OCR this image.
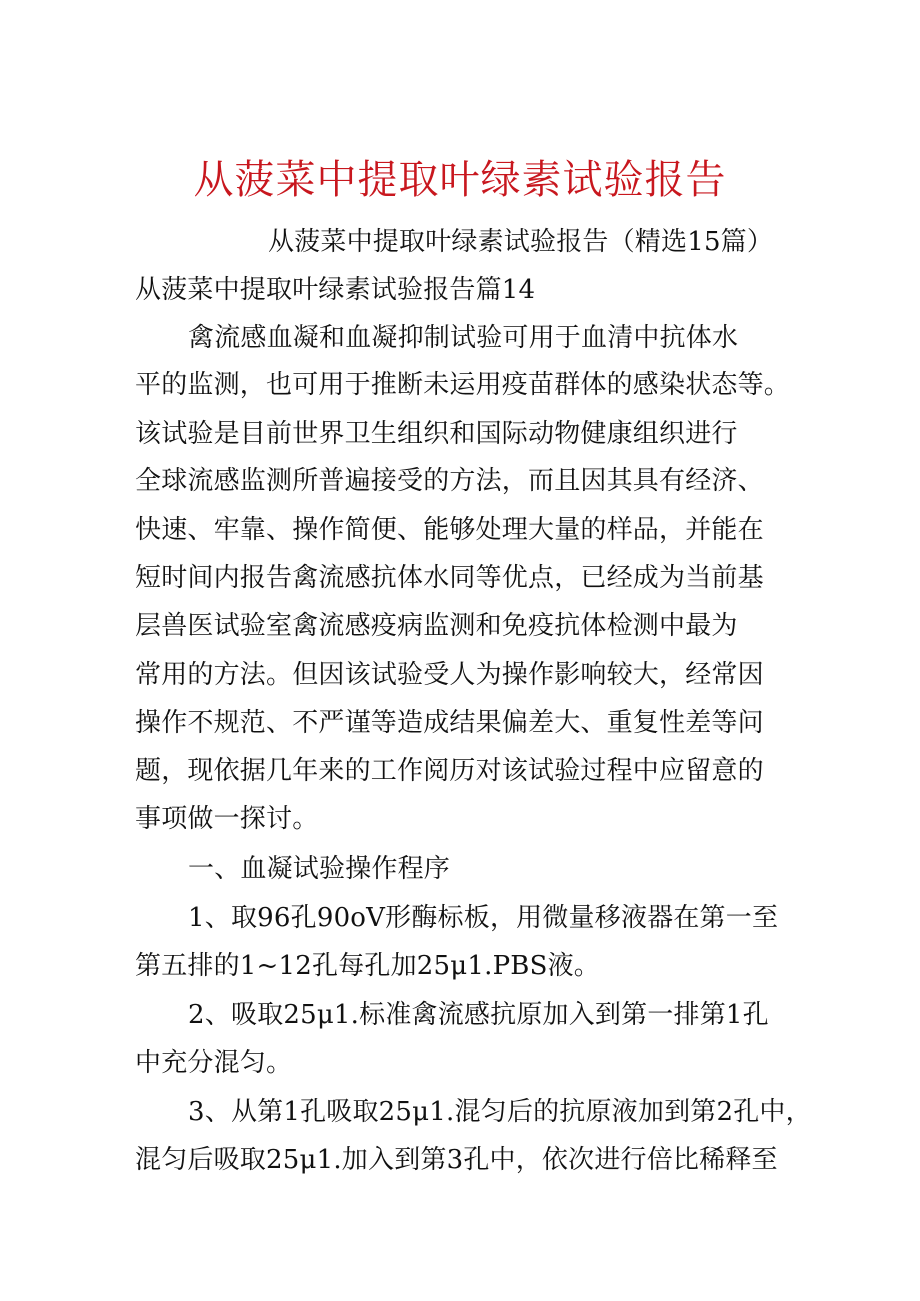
从菠菜中提取叶绿素试验报告
从菠菜中提取叶绿素试验报告（精选15篇）
从菠菜中提取叶绿素试验报告篇14
禽流感血凝和血凝抑制试验可用于血清中抗体水
平的监测，也可用于推断未运用疫苗群体的感染状态等。
该试验是目前世界卫生组织和国际动物健康组织进行
全球流感监测所普遍接受的方法，而且因其具有经济、
快速、牢靠、操作简便、能够处理大量的样品，并能在
短时间内报告禽流感抗体水同等优点，已经成为当前基
层兽医试验室禽流感疫病监测和免疫抗体检测中最为
常用的方法。但因该试验受人为操作影响较大，经常因
操作不规范、不严谨等造成结果偏差大、重复性差等问
题，现依据几年来的工作阅历对该试验过程中应留意的
事项做一探讨。
一、血凝试验操作程序
1、取96孔90oV形酶标板，用微量移液器在第一至
第五排的1~12孔每孔加25μ1.PBS液。
2、吸取25μ1.标准禽流感抗原加入到第一排第1孔
中充分混匀。
3、从第1孔吸取25μ1.混匀后的抗原液加到第2孔中，
混匀后吸取25μ1.加入到第3孔中，依次进行倍比稀释至
